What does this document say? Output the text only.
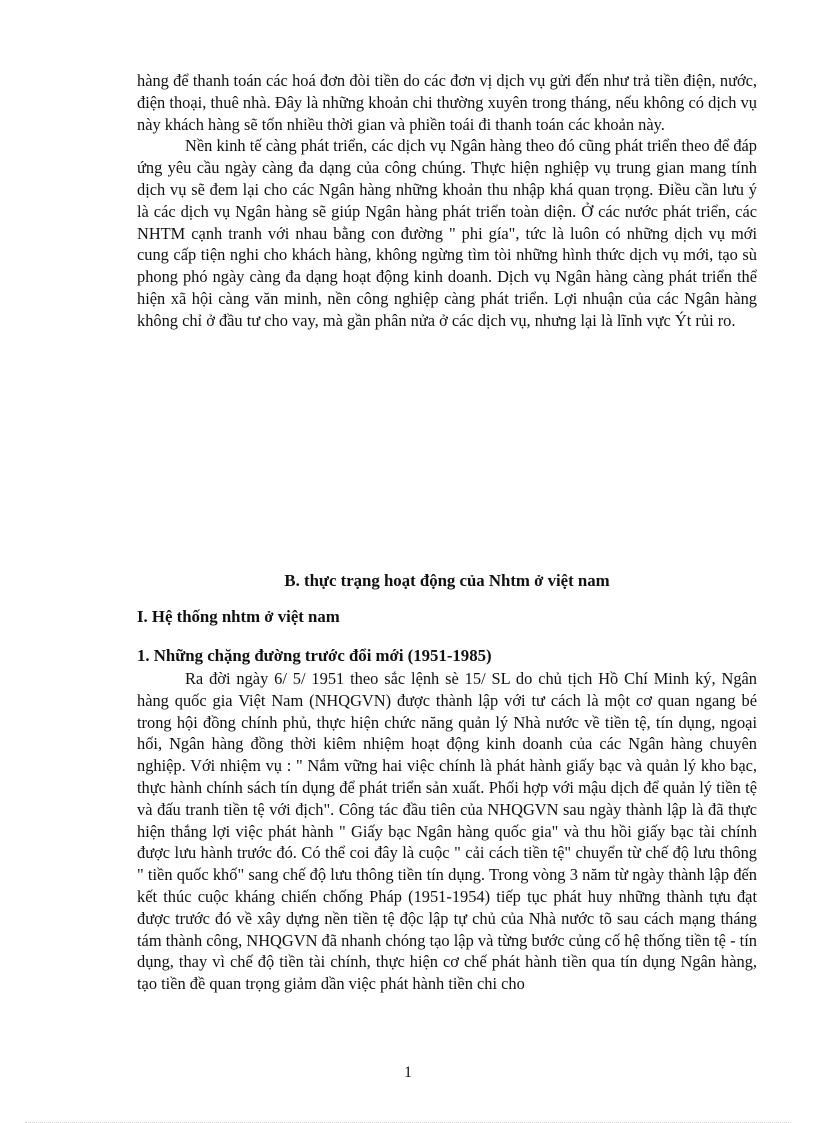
hàng để thanh toán các hoá đơn đòi tiền do các đơn vị dịch vụ gửi đến như trả tiền điện, nước, điện thoại, thuê nhà. Đây là những khoản chi thường xuyên trong tháng, nếu không có dịch vụ này khách hàng sẽ tốn nhiều thời gian và phiền toái đi thanh toán các khoản này.

Nền kinh tế càng phát triển, các dịch vụ Ngân hàng theo đó cũng phát triển theo để đáp ứng yêu cầu ngày càng đa dạng của công chúng. Thực hiện nghiệp vụ trung gian mang tính dịch vụ sẽ đem lại cho các Ngân hàng những khoản thu nhập khá quan trọng. Điều cần lưu ý là các dịch vụ Ngân hàng sẽ giúp Ngân hàng phát triển toàn diện. Ở các nước phát triển, các NHTM cạnh tranh với nhau bằng con đường " phi gía", tức là luôn có những dịch vụ mới cung cấp tiện nghi cho khách hàng, không ngừng tìm tòi những hình thức dịch vụ mới, tạo sù phong phó ngày càng đa dạng hoạt động kinh doanh. Dịch vụ Ngân hàng càng phát triển thể hiện xã hội càng văn minh, nền công nghiệp càng phát triển. Lợi nhuận của các Ngân hàng không chỉ ở đầu tư cho vay, mà gần phân nửa ở các dịch vụ, nhưng lại là lĩnh vực Ýt rủi ro.

B. thực trạng hoạt động của Nhtm ở việt nam
I. Hệ thống nhtm ở việt nam
1. Những chặng đường trước đổi mới (1951-1985)

Ra đời ngày 6/ 5/ 1951 theo sắc lệnh sè 15/ SL do chủ tịch Hồ Chí Minh ký, Ngân hàng quốc gia Việt Nam (NHQGVN) được thành lập với tư cách là một cơ quan ngang bé trong hội đồng chính phủ, thực hiện chức năng quản lý Nhà nước về tiền tệ, tín dụng, ngoại hối, Ngân hàng đồng thời kiêm nhiệm hoạt động kinh doanh của các Ngân hàng chuyên nghiệp. Với nhiệm vụ : " Nắm vững hai việc chính là phát hành giấy bạc và quản lý kho bạc, thực hành chính sách tín dụng để phát triển sản xuất. Phối hợp với mậu dịch để quản lý tiền tệ và đấu tranh tiền tệ với địch". Công tác đầu tiên của NHQGVN sau ngày thành lập là đã thực hiện thắng lợi việc phát hành " Giấy bạc Ngân hàng quốc gia" và thu hồi giấy bạc tài chính được lưu hành trước đó. Có thể coi đây là cuộc " cải cách tiền tệ" chuyển từ chế độ lưu thông " tiền quốc khố" sang chế độ lưu thông tiền tín dụng. Trong vòng 3 năm từ ngày thành lập đến kết thúc cuộc kháng chiến chống Pháp (1951-1954) tiếp tục phát huy những thành tựu đạt được trước đó về xây dựng nền tiền tệ độc lập tự chủ của Nhà nước tõ sau cách mạng tháng tám thành công, NHQGVN đã nhanh chóng tạo lập và từng bước củng cố hệ thống tiền tệ - tín dụng, thay vì chế độ tiền tài chính, thực hiện cơ chế phát hành tiền qua tín dụng Ngân hàng, tạo tiền đề quan trọng giảm dần việc phát hành tiền chi cho

1
